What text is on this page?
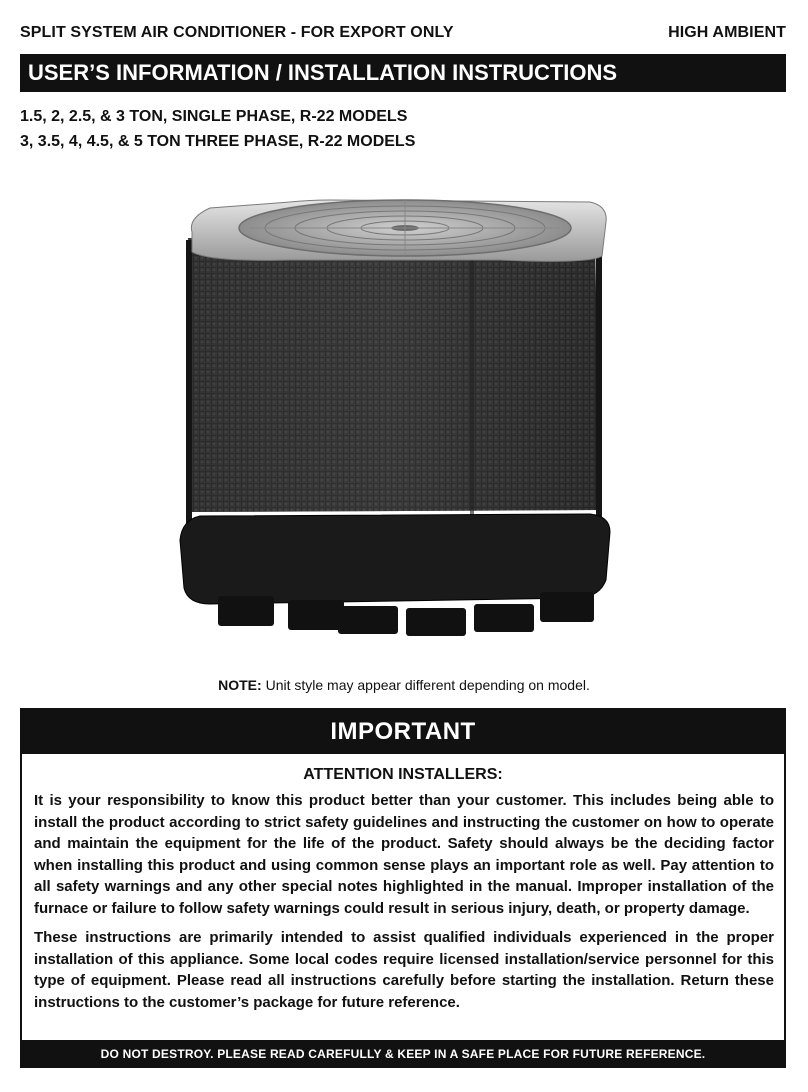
SPLIT SYSTEM AIR CONDITIONER - FOR EXPORT ONLY	HIGH AMBIENT
USER’S INFORMATION / INSTALLATION INSTRUCTIONS
1.5, 2, 2.5, & 3 TON, SINGLE PHASE, R-22 MODELS
3, 3.5, 4, 4.5, & 5 TON THREE PHASE, R-22 MODELS
NOTE: Unit style may appear different depending on model.
IMPORTANT
ATTENTION INSTALLERS:

It is your responsibility to know this product better than your customer. This includes being able to install the product according to strict safety guidelines and instructing the customer on how to operate and maintain the equipment for the life of the product. Safety should always be the deciding factor when installing this product and using common sense plays an important role as well. Pay attention to all safety warnings and any other special notes highlighted in the manual. Improper installation of the furnace or failure to follow safety warnings could result in serious injury, death, or property damage.

These instructions are primarily intended to assist qualified individuals experienced in the proper installation of this appliance. Some local codes require licensed installation/service personnel for this type of equipment. Please read all instructions carefully before starting the installation. Return these instructions to the customer’s package for future reference.

DO NOT DESTROY. PLEASE READ CAREFULLY & KEEP IN A SAFE PLACE FOR FUTURE REFERENCE.
